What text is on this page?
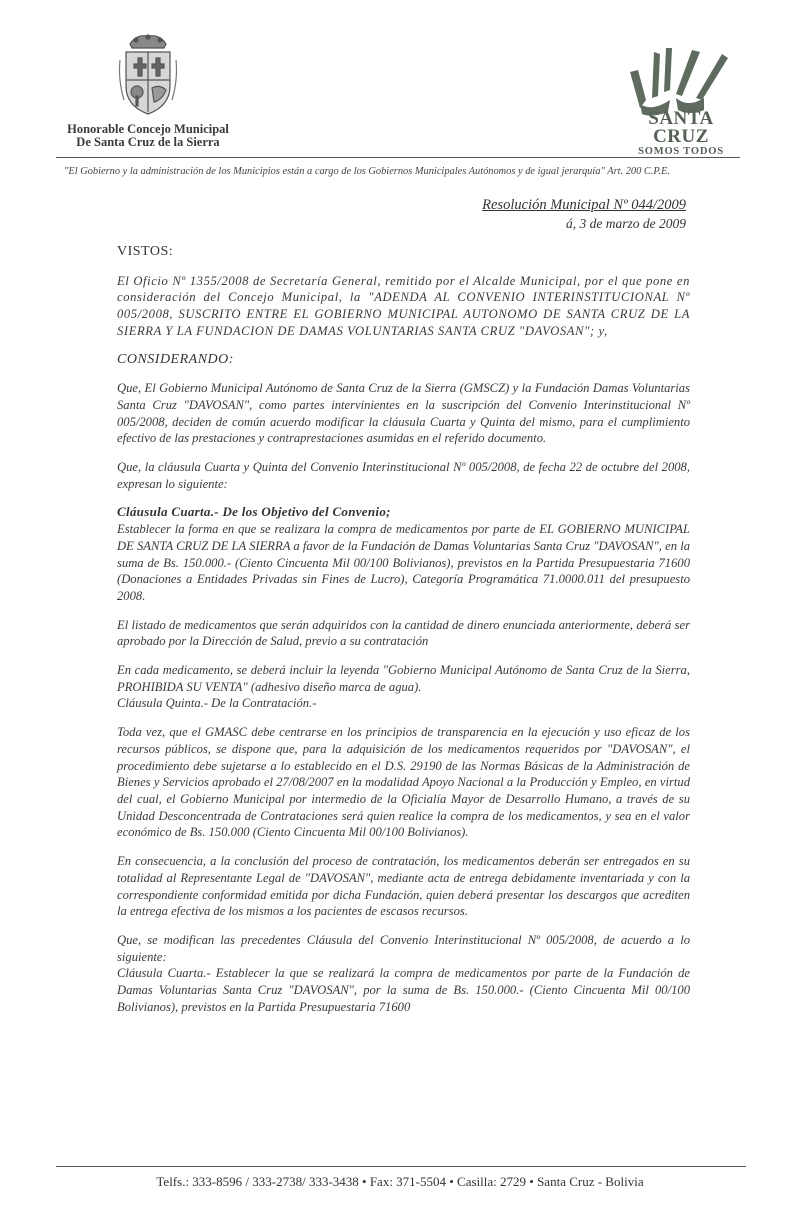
Honorable Concejo Municipal
De Santa Cruz de la Sierra
SANTA CRUZ
SOMOS TODOS
"El Gobierno y la administración de los Municipios están a cargo de los Gobiernos Municipales Autónomos y de igual jerarquía" Art. 200 C.P.E.
Resolución Municipal Nº 044/2009
á, 3 de marzo de 2009
VISTOS:

El Oficio Nº 1355/2008 de Secretaría General, remitido por el Alcalde Municipal, por el que pone en consideración del Concejo Municipal, la "ADENDA AL CONVENIO INTERINSTITUCIONAL Nº 005/2008, SUSCRITO ENTRE EL GOBIERNO MUNICIPAL AUTONOMO DE SANTA CRUZ DE LA SIERRA Y LA FUNDACION DE DAMAS VOLUNTARIAS SANTA CRUZ "DAVOSAN"; y,

CONSIDERANDO:

Que, El Gobierno Municipal Autónomo de Santa Cruz de la Sierra (GMSCZ) y la Fundación Damas Voluntarias Santa Cruz "DAVOSAN", como partes intervinientes en la suscripción del Convenio Interinstitucional Nº 005/2008, deciden de común acuerdo modificar la cláusula Cuarta y Quinta del mismo, para el cumplimiento efectivo de las prestaciones y contraprestaciones asumidas en el referido documento.

Que, la cláusula Cuarta y Quinta del Convenio Interinstitucional Nº 005/2008, de fecha 22 de octubre del 2008, expresan lo siguiente:

Cláusula Cuarta.- De los Objetivo del Convenio;

Establecer la forma en que se realizara la compra de medicamentos por parte de EL GOBIERNO MUNICIPAL DE SANTA CRUZ DE LA SIERRA a favor de la Fundación de Damas Voluntarias Santa Cruz "DAVOSAN", en la suma de Bs. 150.000.- (Ciento Cincuenta Mil 00/100 Bolivianos), previstos en la Partida Presupuestaria 71600 (Donaciones a Entidades Privadas sin Fines de Lucro), Categoría Programática 71.0000.011 del presupuesto 2008.

El listado de medicamentos que serán adquiridos con la cantidad de dinero enunciada anteriormente, deberá ser aprobado por la Dirección de Salud, previo a su contratación

En cada medicamento, se deberá incluir la leyenda "Gobierno Municipal Autónomo de Santa Cruz de la Sierra, PROHIBIDA SU VENTA" (adhesivo diseño marca de agua).

Cláusula Quinta.- De la Contratación.-

Toda vez, que el GMASC debe centrarse en los principios de transparencia en la ejecución y uso eficaz de los recursos públicos, se dispone que, para la adquisición de los medicamentos requeridos por "DAVOSAN", el procedimiento debe sujetarse a lo establecido en el D.S. 29190 de las Normas Básicas de la Administración de Bienes y Servicios aprobado el 27/08/2007 en la modalidad Apoyo Nacional a la Producción y Empleo, en virtud del cual, el Gobierno Municipal por intermedio de la Oficialía Mayor de Desarrollo Humano, a través de su Unidad Desconcentrada de Contrataciones será quien realice la compra de los medicamentos, y sea en el valor económico de Bs. 150.000 (Ciento Cincuenta Mil 00/100 Bolivianos).

En consecuencia, a la conclusión del proceso de contratación, los medicamentos deberán ser entregados en su totalidad al Representante Legal de "DAVOSAN", mediante acta de entrega debidamente inventariada y con la correspondiente conformidad emitida por dicha Fundación, quien deberá presentar los descargos que acrediten la entrega efectiva de los mismos a los pacientes de escasos recursos.

Que, se modifican las precedentes Cláusula del Convenio Interinstitucional Nº 005/2008, de acuerdo a lo siguiente:

Cláusula Cuarta.- Establecer la que se realizará la compra de medicamentos por parte de la Fundación de Damas Voluntarias Santa Cruz "DAVOSAN", por la suma de Bs. 150.000.- (Ciento Cincuenta Mil 00/100 Bolivianos), previstos en la Partida Presupuestaria 71600

Telfs.: 333-8596 / 333-2738/ 333-3438 • Fax: 371-5504 • Casilla: 2729 • Santa Cruz - Bolivia
